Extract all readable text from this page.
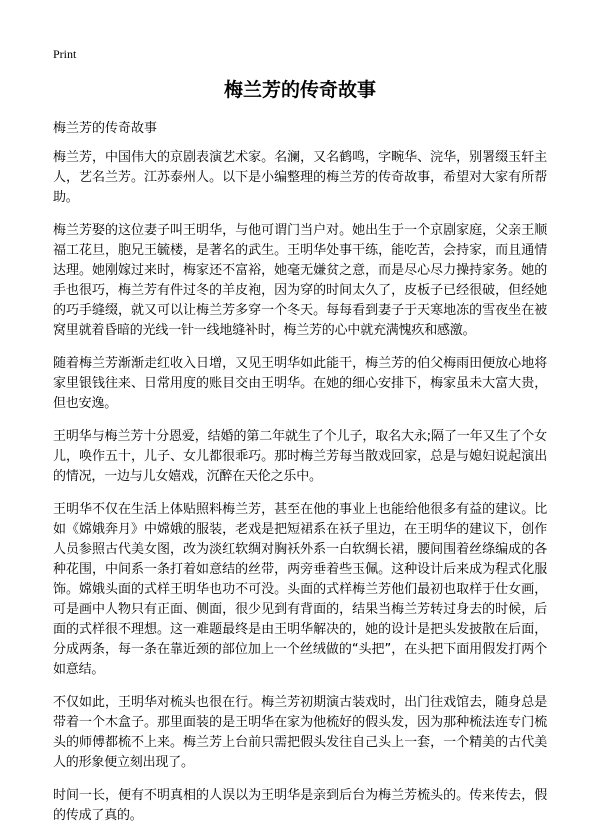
Print
梅兰芳的传奇故事
梅兰芳的传奇故事

梅兰芳，中国伟大的京剧表演艺术家。名澜，又名鹤鸣，字畹华、浣华，别署缀玉轩主人，艺名兰芳。江苏泰州人。以下是小编整理的梅兰芳的传奇故事，希望对大家有所帮助。

梅兰芳娶的这位妻子叫王明华，与他可谓门当户对。她出生于一个京剧家庭，父亲王顺福工花旦，胞兄王毓楼，是著名的武生。王明华处事干练，能吃苦，会持家，而且通情达理。她刚嫁过来时，梅家还不富裕，她毫无嫌贫之意，而是尽心尽力操持家务。她的手也很巧，梅兰芳有件过冬的羊皮袍，因为穿的时间太久了，皮板子已经很破，但经她的巧手缝缀，就又可以让梅兰芳多穿一个冬天。每每看到妻子于天寒地冻的雪夜坐在被窝里就着昏暗的光线一针一线地缝补时，梅兰芳的心中就充满愧疚和感激。

随着梅兰芳渐渐走红收入日增，又见王明华如此能干，梅兰芳的伯父梅雨田便放心地将家里银钱往来、日常用度的账目交由王明华。在她的细心安排下，梅家虽未大富大贵，但也安逸。

王明华与梅兰芳十分恩爱，结婚的第二年就生了个儿子，取名大永;隔了一年又生了个女儿，唤作五十，儿子、女儿都很乖巧。那时梅兰芳每当散戏回家，总是与媳妇说起演出的情况，一边与儿女嬉戏，沉醉在天伦之乐中。

王明华不仅在生活上体贴照料梅兰芳，甚至在他的事业上也能给他很多有益的建议。比如《嫦娥奔月》中嫦娥的服装，老戏是把短裙系在袄子里边，在王明华的建议下，创作人员参照古代美女图，改为淡红软绸对胸袄外系一白软绸长裙，腰间围着丝绦编成的各种花围，中间系一条打着如意结的丝带，两旁垂着些玉佩。这种设计后来成为程式化服饰。嫦娥头面的式样王明华也功不可没。头面的式样梅兰芳他们最初也取样于仕女画，可是画中人物只有正面、侧面，很少见到有背面的，结果当梅兰芳转过身去的时候，后面的式样很不理想。这一难题最终是由王明华解决的，她的设计是把头发披散在后面，分成两条，每一条在靠近颈的部位加上一个丝绒做的“头把”，在头把下面用假发打两个如意结。

不仅如此，王明华对梳头也很在行。梅兰芳初期演古装戏时，出门往戏馆去，随身总是带着一个木盒子。那里面装的是王明华在家为他梳好的假头发，因为那种梳法连专门梳头的师傅都梳不上来。梅兰芳上台前只需把假头发往自己头上一套，一个精美的古代美人的形象便立刻出现了。

时间一长，便有不明真相的人误以为王明华是亲到后台为梅兰芳梳头的。传来传去，假的传成了真的。
